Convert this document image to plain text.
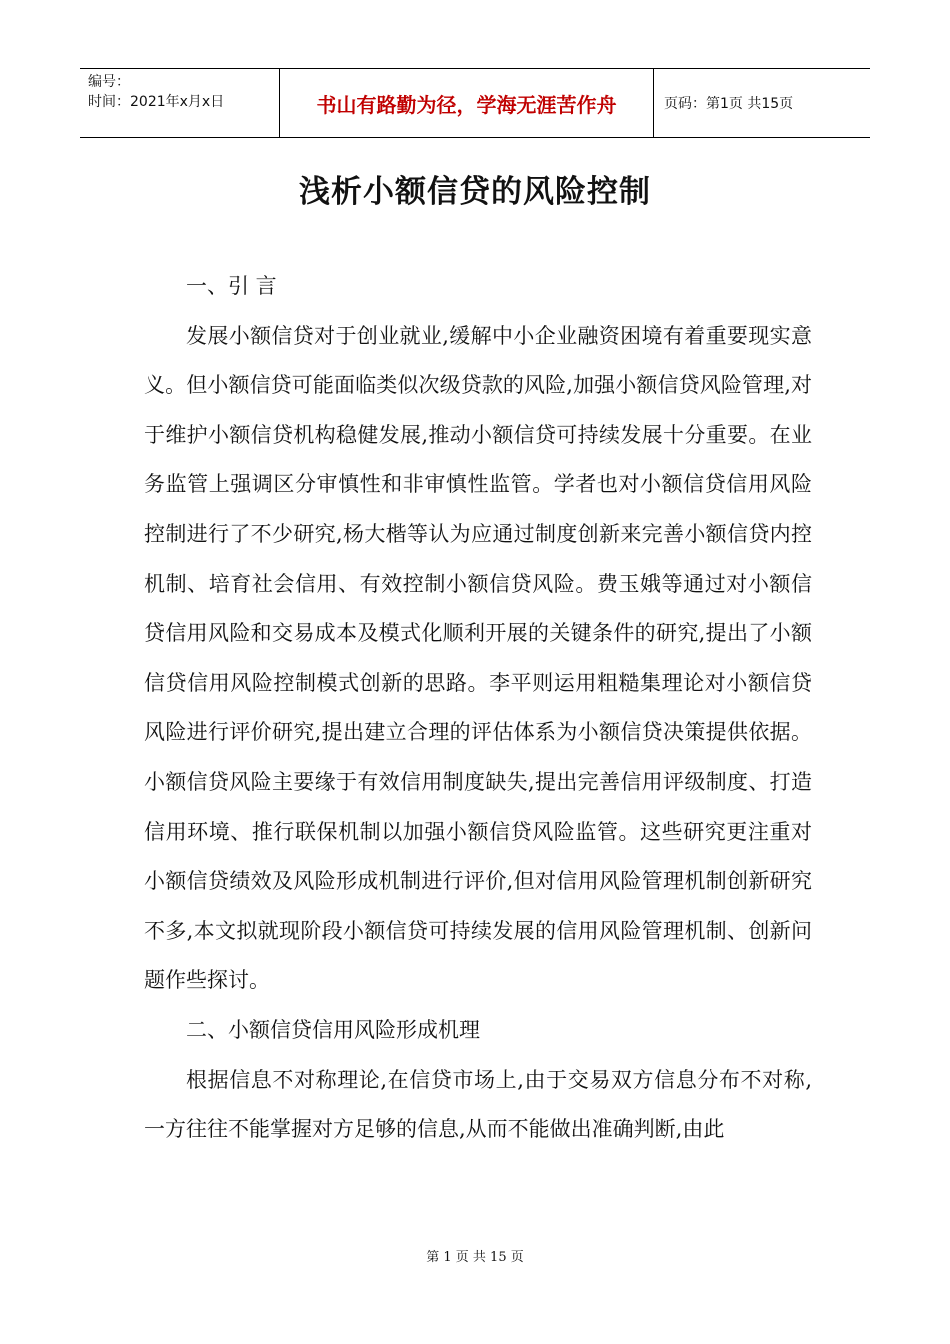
编号：
时间：2021年x月x日	书山有路勤为径，学海无涯苦作舟	页码：第1页 共15页
浅析小额信贷的风险控制

一、引 言

发展小额信贷对于创业就业,缓解中小企业融资困境有着重要现实意义。但小额信贷可能面临类似次级贷款的风险,加强小额信贷风险管理,对于维护小额信贷机构稳健发展,推动小额信贷可持续发展十分重要。在业务监管上强调区分审慎性和非审慎性监管。学者也对小额信贷信用风险控制进行了不少研究,杨大楷等认为应通过制度创新来完善小额信贷内控机制、培育社会信用、有效控制小额信贷风险。费玉娥等通过对小额信贷信用风险和交易成本及模式化顺利开展的关键条件的研究,提出了小额信贷信用风险控制模式创新的思路。李平则运用粗糙集理论对小额信贷风险进行评价研究,提出建立合理的评估体系为小额信贷决策提供依据。小额信贷风险主要缘于有效信用制度缺失,提出完善信用评级制度、打造信用环境、推行联保机制以加强小额信贷风险监管。这些研究更注重对小额信贷绩效及风险形成机制进行评价,但对信用风险管理机制创新研究不多,本文拟就现阶段小额信贷可持续发展的信用风险管理机制、创新问题作些探讨。

二、小额信贷信用风险形成机理

根据信息不对称理论,在信贷市场上,由于交易双方信息分布不对称,一方往往不能掌握对方足够的信息,从而不能做出准确判断,由此

第 1 页 共 15 页
